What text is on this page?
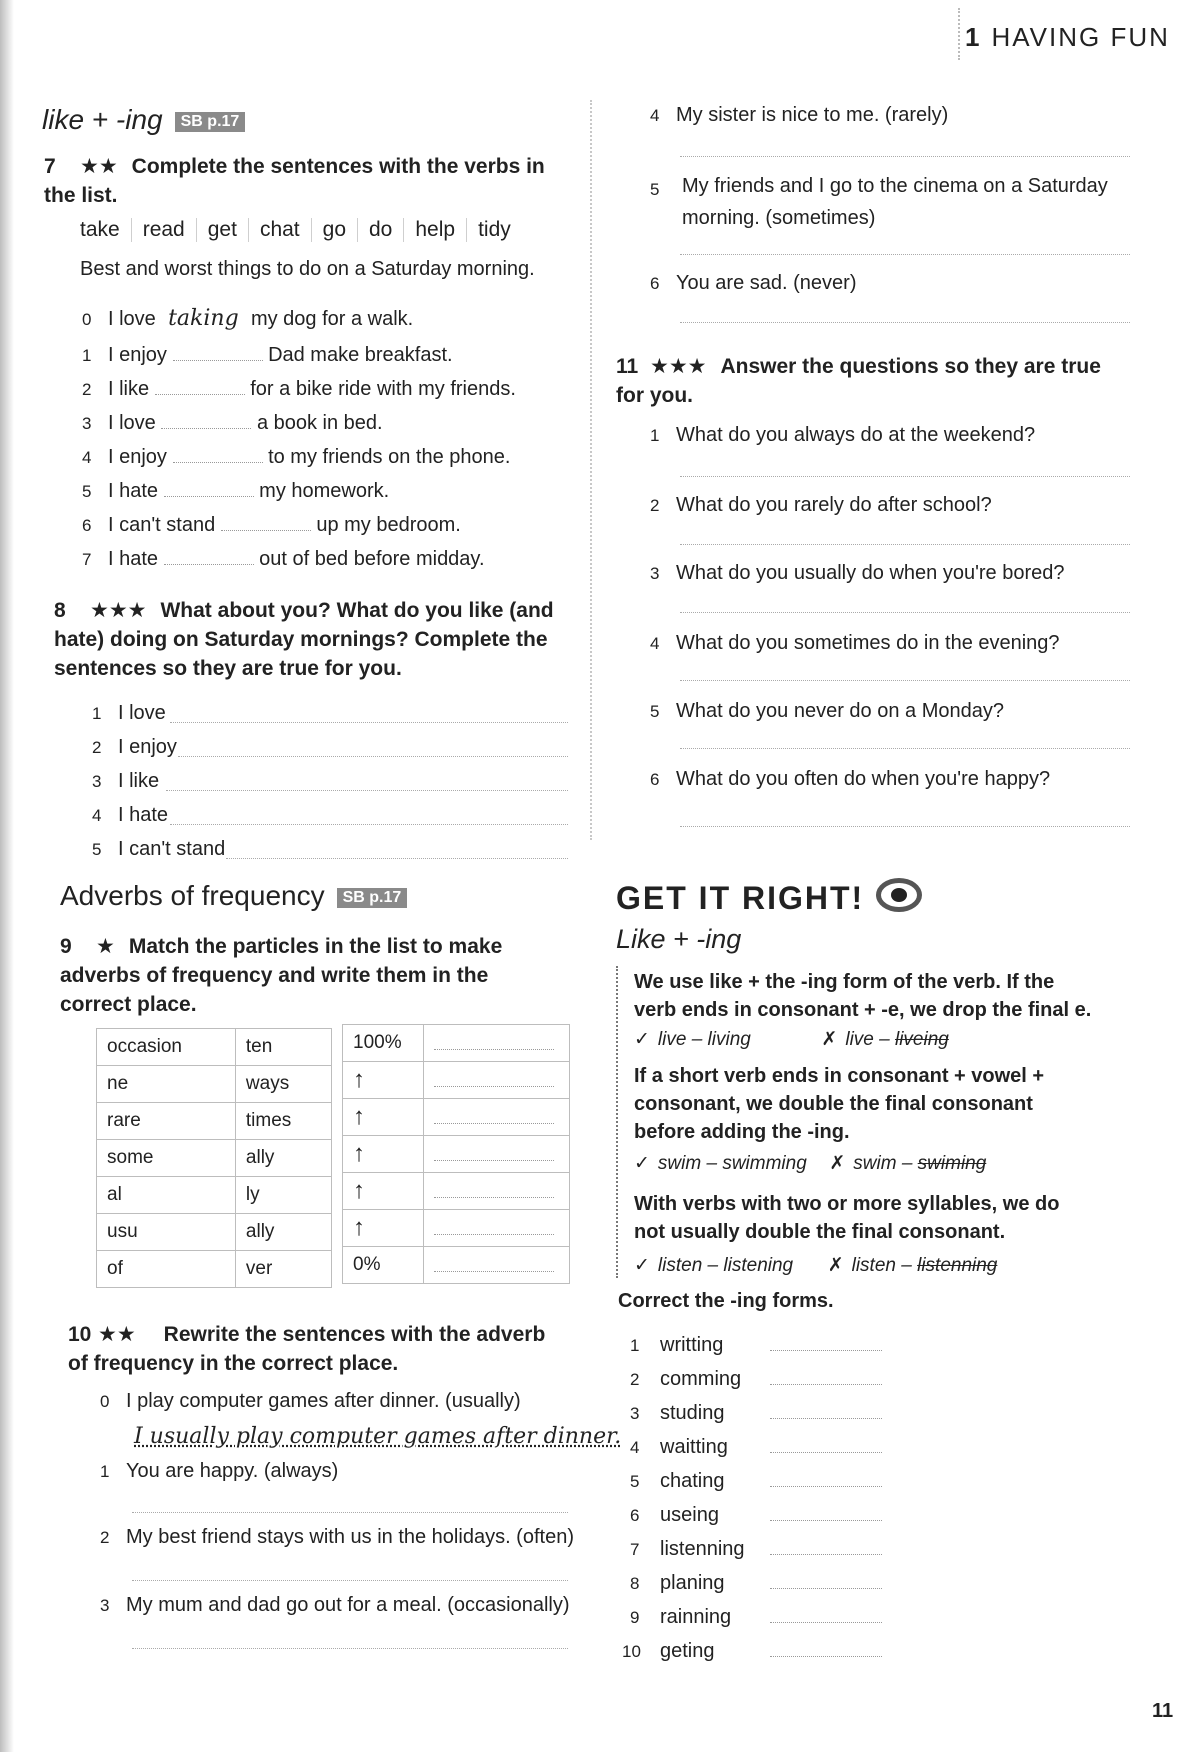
1 HAVING FUN
like + -ing SB p.17
7 ★★ Complete the sentences with the verbs in the list.
take read get chat go do help tidy
Best and worst things to do on a Saturday morning.
0 I love taking my dog for a walk.
1 I enjoy	Dad make breakfast.
2 I like	for a bike ride with my friends.
3 I love	a book in bed.
4 I enjoy	to my friends on the phone.
5 I hate	my homework.
6 I can't stand	up my bedroom.
7 I hate	out of bed before midday.
8 ★★★ What about you? What do you like (and hate) doing on Saturday mornings? Complete the sentences so they are true for you.
1 I love
2 I enjoy
3 I like
4 I hate
5 I can't stand
Adverbs of frequency SB p.17
9 ★ Match the particles in the list to make adverbs of frequency and write them in the correct place.
occasion	ten
ne	ways
rare	times
some	ally
al	ly
usu	ally
of	ver
100%	
↑	
↑	
↑	
↑	
↑	
0%	
10 ★★ Rewrite the sentences with the adverb of frequency in the correct place.
0 I play computer games after dinner. (usually)
I usually play computer games after dinner.
1 You are happy. (always)
2 My best friend stays with us in the holidays. (often)
3 My mum and dad go out for a meal. (occasionally)
4 My sister is nice to me. (rarely)
5	My friends and I go to the cinema on a Saturday morning. (sometimes)
6 You are sad. (never)
11 ★★★ Answer the questions so they are true for you.
1 What do you always do at the weekend?
2 What do you rarely do after school?
3 What do you usually do when you're bored?
4 What do you sometimes do in the evening?
5 What do you never do on a Monday?
6 What do you often do when you're happy?
GET IT RIGHT!
Like + -ing
We use like + the -ing form of the verb. If the verb ends in consonant + -e, we drop the final e.
✓ live – living	✗ live – liveing
If a short verb ends in consonant + vowel + consonant, we double the final consonant before adding the -ing.
✓ swim – swimming ✗ swim – swiming
With verbs with two or more syllables, we do not usually double the final consonant.
✓ listen – listening ✗ listen – listenning
Correct the -ing forms.
1 writting
2 comming
3 studing
4 waitting
5 chating
6 useing
7 listenning
8 planing
9 rainning
10 geting
11
